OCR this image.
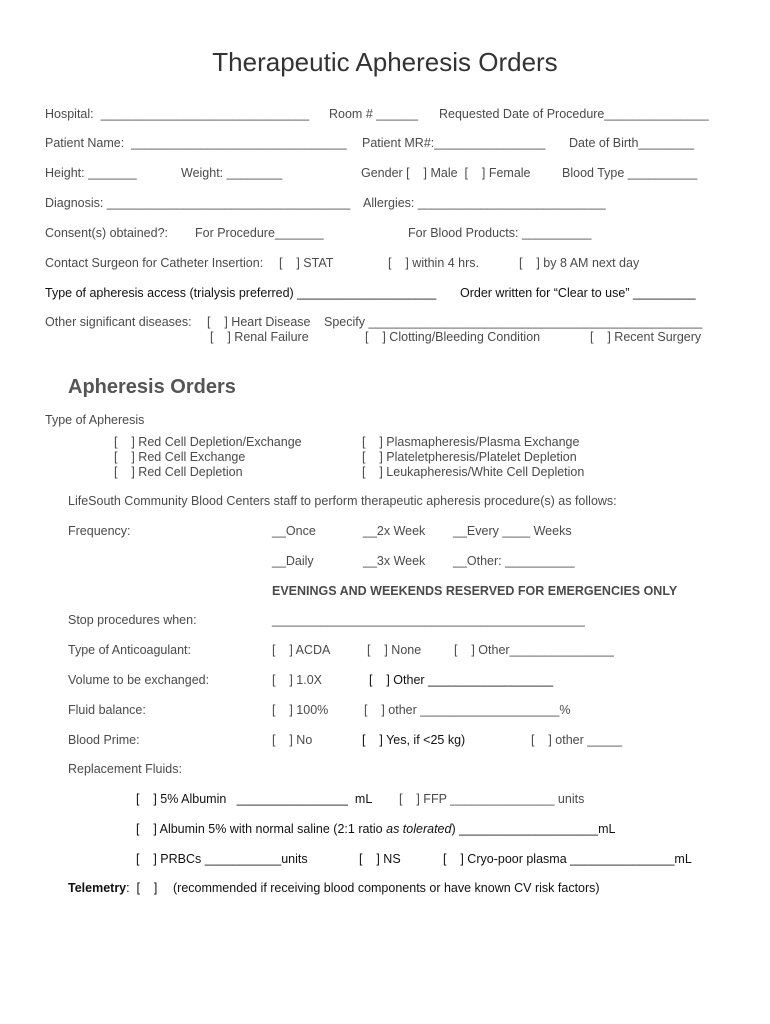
Therapeutic Apheresis Orders
Hospital:  ______________________________ Room # ______ Requested Date of Procedure_______________
Patient Name:  _______________________________ Patient MR#:________________ Date of Birth________
Height: _______	Weight: ________	Gender [    ] Male  [    ] Female	Blood Type __________
Diagnosis: ___________________________________ Allergies: ___________________________
Consent(s) obtained?: For Procedure_______	For Blood Products: __________
Contact Surgeon for Catheter Insertion: [    ] STAT	[    ] within 4 hrs.	[    ] by 8 AM next day
Type of apheresis access (trialysis preferred) ____________________ Order written for “Clear to use” _________
Other significant diseases: [    ] Heart Disease Specify ________________________________________________
[    ] Renal Failure	[    ] Clotting/Bleeding Condition	[    ] Recent Surgery
Apheresis Orders
Type of Apheresis
[    ] Red Cell Depletion/Exchange
[    ] Red Cell Exchange
[    ] Red Cell Depletion
[    ] Plasmapheresis/Plasma Exchange
[    ] Plateletpheresis/Platelet Depletion
[    ] Leukapheresis/White Cell Depletion
LifeSouth Community Blood Centers staff to perform therapeutic apheresis procedure(s) as follows:
Frequency:	__Once	__2x Week __Every ____ Weeks
__Daily	__3x Week __Other: __________
EVENINGS AND WEEKENDS RESERVED FOR EMERGENCIES ONLY
Stop procedures when:	_____________________________________________
Type of Anticoagulant:	[    ] ACDA	[    ] None	[    ] Other_______________
Volume to be exchanged:	[    ] 1.0X	[    ] Other __________________
Fluid balance:	[    ] 100%	[    ] other ____________________%
Blood Prime:	[    ] No	[    ] Yes, if <25 kg)	[    ] other _____
Replacement Fluids:
[    ] 5% Albumin   ________________  mL [    ] FFP _______________ units
[    ] Albumin 5% with normal saline (2:1 ratio as tolerated) ____________________mL
[    ] PRBCs ___________units	[    ] NS	[    ] Cryo-poor plasma _______________mL
Telemetry:  [    ] (recommended if receiving blood components or have known CV risk factors)
